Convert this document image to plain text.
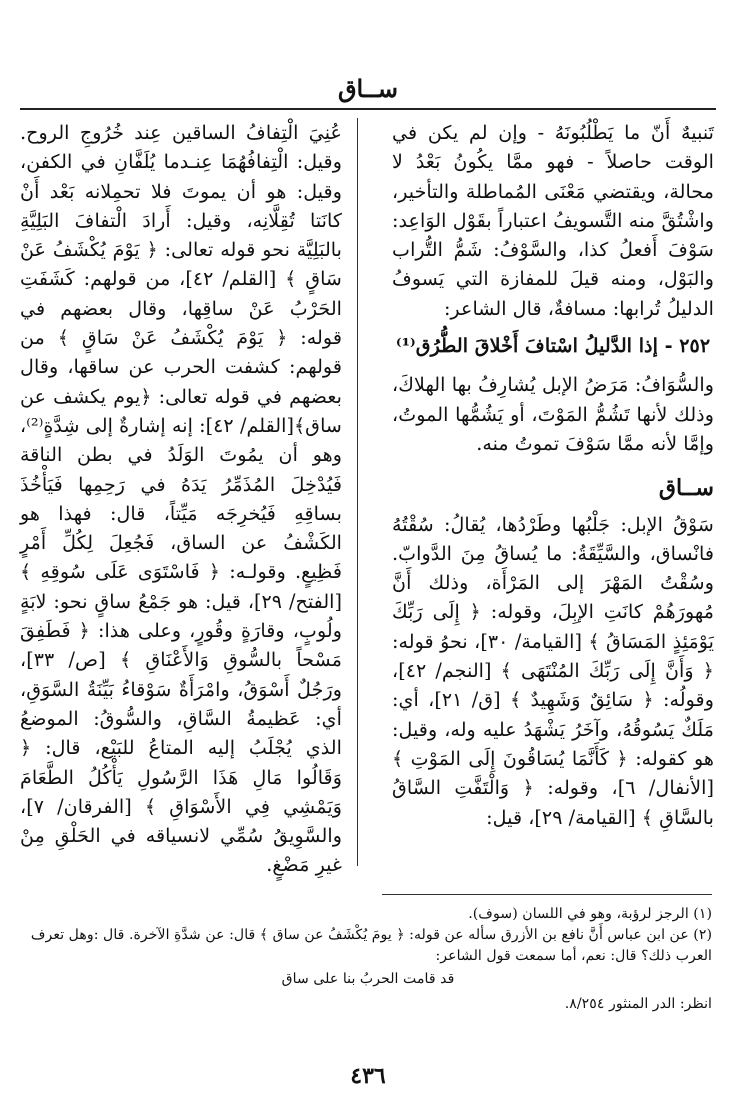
ســاق

تَنبيهٌ أَنّ ما يَطْلُبُونَهُ - وإن لم يكن في الوقت حاصلاً - فهو ممَّا يكُونُ بَعْدُ لا محالة، ويقتضي مَعْنَى المُماطلة والتأخير، واشْتُقَّ منه التَّسويفُ اعتباراً بقَوْل الوَاعِد: سَوْفَ أَفعلُ كذا، والسَّوْفُ: شَمُّ التُّراب والبَوْل، ومنه قيلَ للمفازة التي يَسوفُ الدليلُ تُرابها: مسافةٌ، قال الشاعر:

٢٥٢ - إذا الدَّليلُ اسْتافَ أَخْلاقَ الطُّرُق⁽¹⁾

والسُّوَافُ: مَرَضُ الإبل يُشارِفُ بها الهلاكَ، وذلك لأنها تَشُمُّ المَوْتَ، أو يَشُمُّها الموتُ، وإمَّا لأنه ممَّا سَوْفَ تموتُ منه.

ســاق

سَوْقُ الإبل: جَلْبُها وطَرْدُها، يُقالُ: سُقْتُهُ فانْساق، والسَّيِّقَةُ: ما يُساقُ مِنَ الدَّوابّ. وسُقْتُ المَهْرَ إلى المَرْأَة، وذلك أَنَّ مُهورَهُمْ كانَتِ الإبِلَ، وقوله: ﴿ إِلَى رَبِّكَ يَوْمَئِذٍ المَسَاقُ ﴾ [القيامة/ ٣٠]، نحوُ قوله: ﴿ وَأَنَّ إِلَى رَبِّكَ المُنْتَهَى ﴾ [النجم/ ٤٢]، وقولُه: ﴿ سَائِقٌ وَشَهِيدٌ ﴾ [ق/ ٢١]، أي: مَلَكٌ يَسُوقُهُ، وآخَرُ يَشْهَدُ عليه وله، وقيل: هو كقوله: ﴿ كَأَنَّمَا يُسَاقُونَ إِلَى المَوْتِ ﴾ [الأنفال/ ٦]، وقوله: ﴿ وَالْتَفَّتِ السَّاقُ بالسَّاقِ ﴾ [القيامة/ ٢٩]، قيل:

عُنِيَ الْتِفافُ الساقين عِند خُرُوجِ الروح. وقيل: الْتِفافُهُمَا عِنـدما يُلَفَّانِ في الكفن، وقيل: هو أن يموتَ فلا تحمِلانه بَعْد أَنْ كانَتا تُقِلَّانِه، وقيل: أَرادَ الْتفافَ البَلِيَّةِ بالبَلِيَّة نحو قوله تعالى: ﴿ يَوْمَ يُكْشَفُ عَنْ سَاقٍ ﴾ [القلم/ ٤٢]، من قولهم: كَشَفَتِ الحَرْبُ عَنْ ساقِها، وقال بعضهم في قوله: ﴿ يَوْمَ يُكْشَفُ عَنْ سَاقٍ ﴾ من قولهم: كشفت الحرب عن ساقها، وقال بعضهم في قوله تعالى: ﴿يوم يكشف عن ساق﴾[القلم/ ٤٢]: إنه إشارةٌ إلى شِدَّةٍ⁽²⁾، وهو أن يمُوتَ الوَلَدُ في بطن الناقة فَيُدْخِلَ المُذَمِّرُ يَدَهُ في رَحِمِها فَيَأْخُذَ بساقِهِ فَيُخرِجَه مَيِّتاً، قال: فهذا هو الكَشْفُ عن الساق، فَجُعِلَ لِكُلِّ أَمْرٍ فَظِيعٍ. وقولـه: ﴿ فَاسْتَوَى عَلَى سُوقِهِ ﴾ [الفتح/ ٢٩]، قيل: هو جَمْعُ ساقٍ نحو: لابَةٍ ولُوبٍ، وقارَةٍ وقُورٍ، وعلى هذا: ﴿ فَطَفِقَ مَسْحاً بالسُّوقِ وَالأَعْنَاقِ ﴾ [ص/ ٣٣]، ورَجُلٌ أَسْوَقُ، وامْرَأَةٌ سَوْقاءُ بَيِّنَةُ السَّوَقِ، أي: عَظيمةُ السَّاقِ، والسُّوقُ: الموضعُ الذي يُجْلَبُ إليه المتاعُ للبَيْع، قال: ﴿ وَقَالُوا مَالِ هَذَا الرَّسُولِ يَأْكُلُ الطَّعَامَ وَيَمْشِي فِي الأَسْوَاقِ ﴾ [الفرقان/ ٧]، والسَّوِيقُ سُمِّي لانسياقه في الحَلْقِ مِنْ غيرِ مَضْغٍ.

(١) الرجز لرؤبة، وهو في اللسان (سوف).

(٢) عن ابن عباس أَنَّ نافع بن الأزرق سأله عن قوله: ﴿ يومَ يُكْشَفُ عن ساق ﴾ قال: عن شدَّةِ الآخرة. قال :وهل تعرف العرب ذلك؟ قال: نعم، أما سمعت قول الشاعر:

قد قامت الحربُ بنا على ساق

انظر: الدر المنثور ٨/٢٥٤.

٤٣٦
